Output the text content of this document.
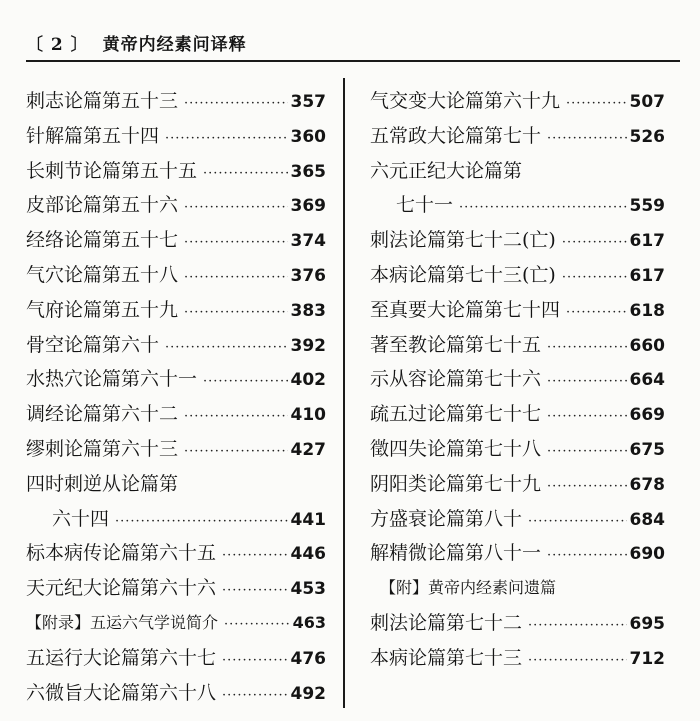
〔 2 〕 黄帝内经素问译释
刺志论篇第五十三 ·····	357
针解篇第五十四 ·····	360
长刺节论篇第五十五 ·····	365
皮部论篇第五十六 ·····	369
经络论篇第五十七 ·····	374
气穴论篇第五十八 ·····	376
气府论篇第五十九 ·····	383
骨空论篇第六十 ·····	392
水热穴论篇第六十一 ·····	402
调经论篇第六十二 ·····	410
缪刺论篇第六十三 ·····	427
四时刺逆从论篇第
六十四 ·····	441
标本病传论篇第六十五 ·····	446
天元纪大论篇第六十六 ·····	453
【附录】五运六气学说简介 ·····	463
五运行大论篇第六十七 ·····	476
六微旨大论篇第六十八 ·····	492
气交变大论篇第六十九 ·····	507
五常政大论篇第七十 ·····	526
六元正纪大论篇第
七十一 ·····	559
刺法论篇第七十二(亡) ·····	617
本病论篇第七十三(亡) ·····	617
至真要大论篇第七十四 ·····	618
著至教论篇第七十五 ·····	660
示从容论篇第七十六 ·····	664
疏五过论篇第七十七 ·····	669
徵四失论篇第七十八 ·····	675
阴阳类论篇第七十九 ·····	678
方盛衰论篇第八十 ·····	684
解精微论篇第八十一 ·····	690
【附】黄帝内经素问遗篇
刺法论篇第七十二 ·····	695
本病论篇第七十三 ·····	712
